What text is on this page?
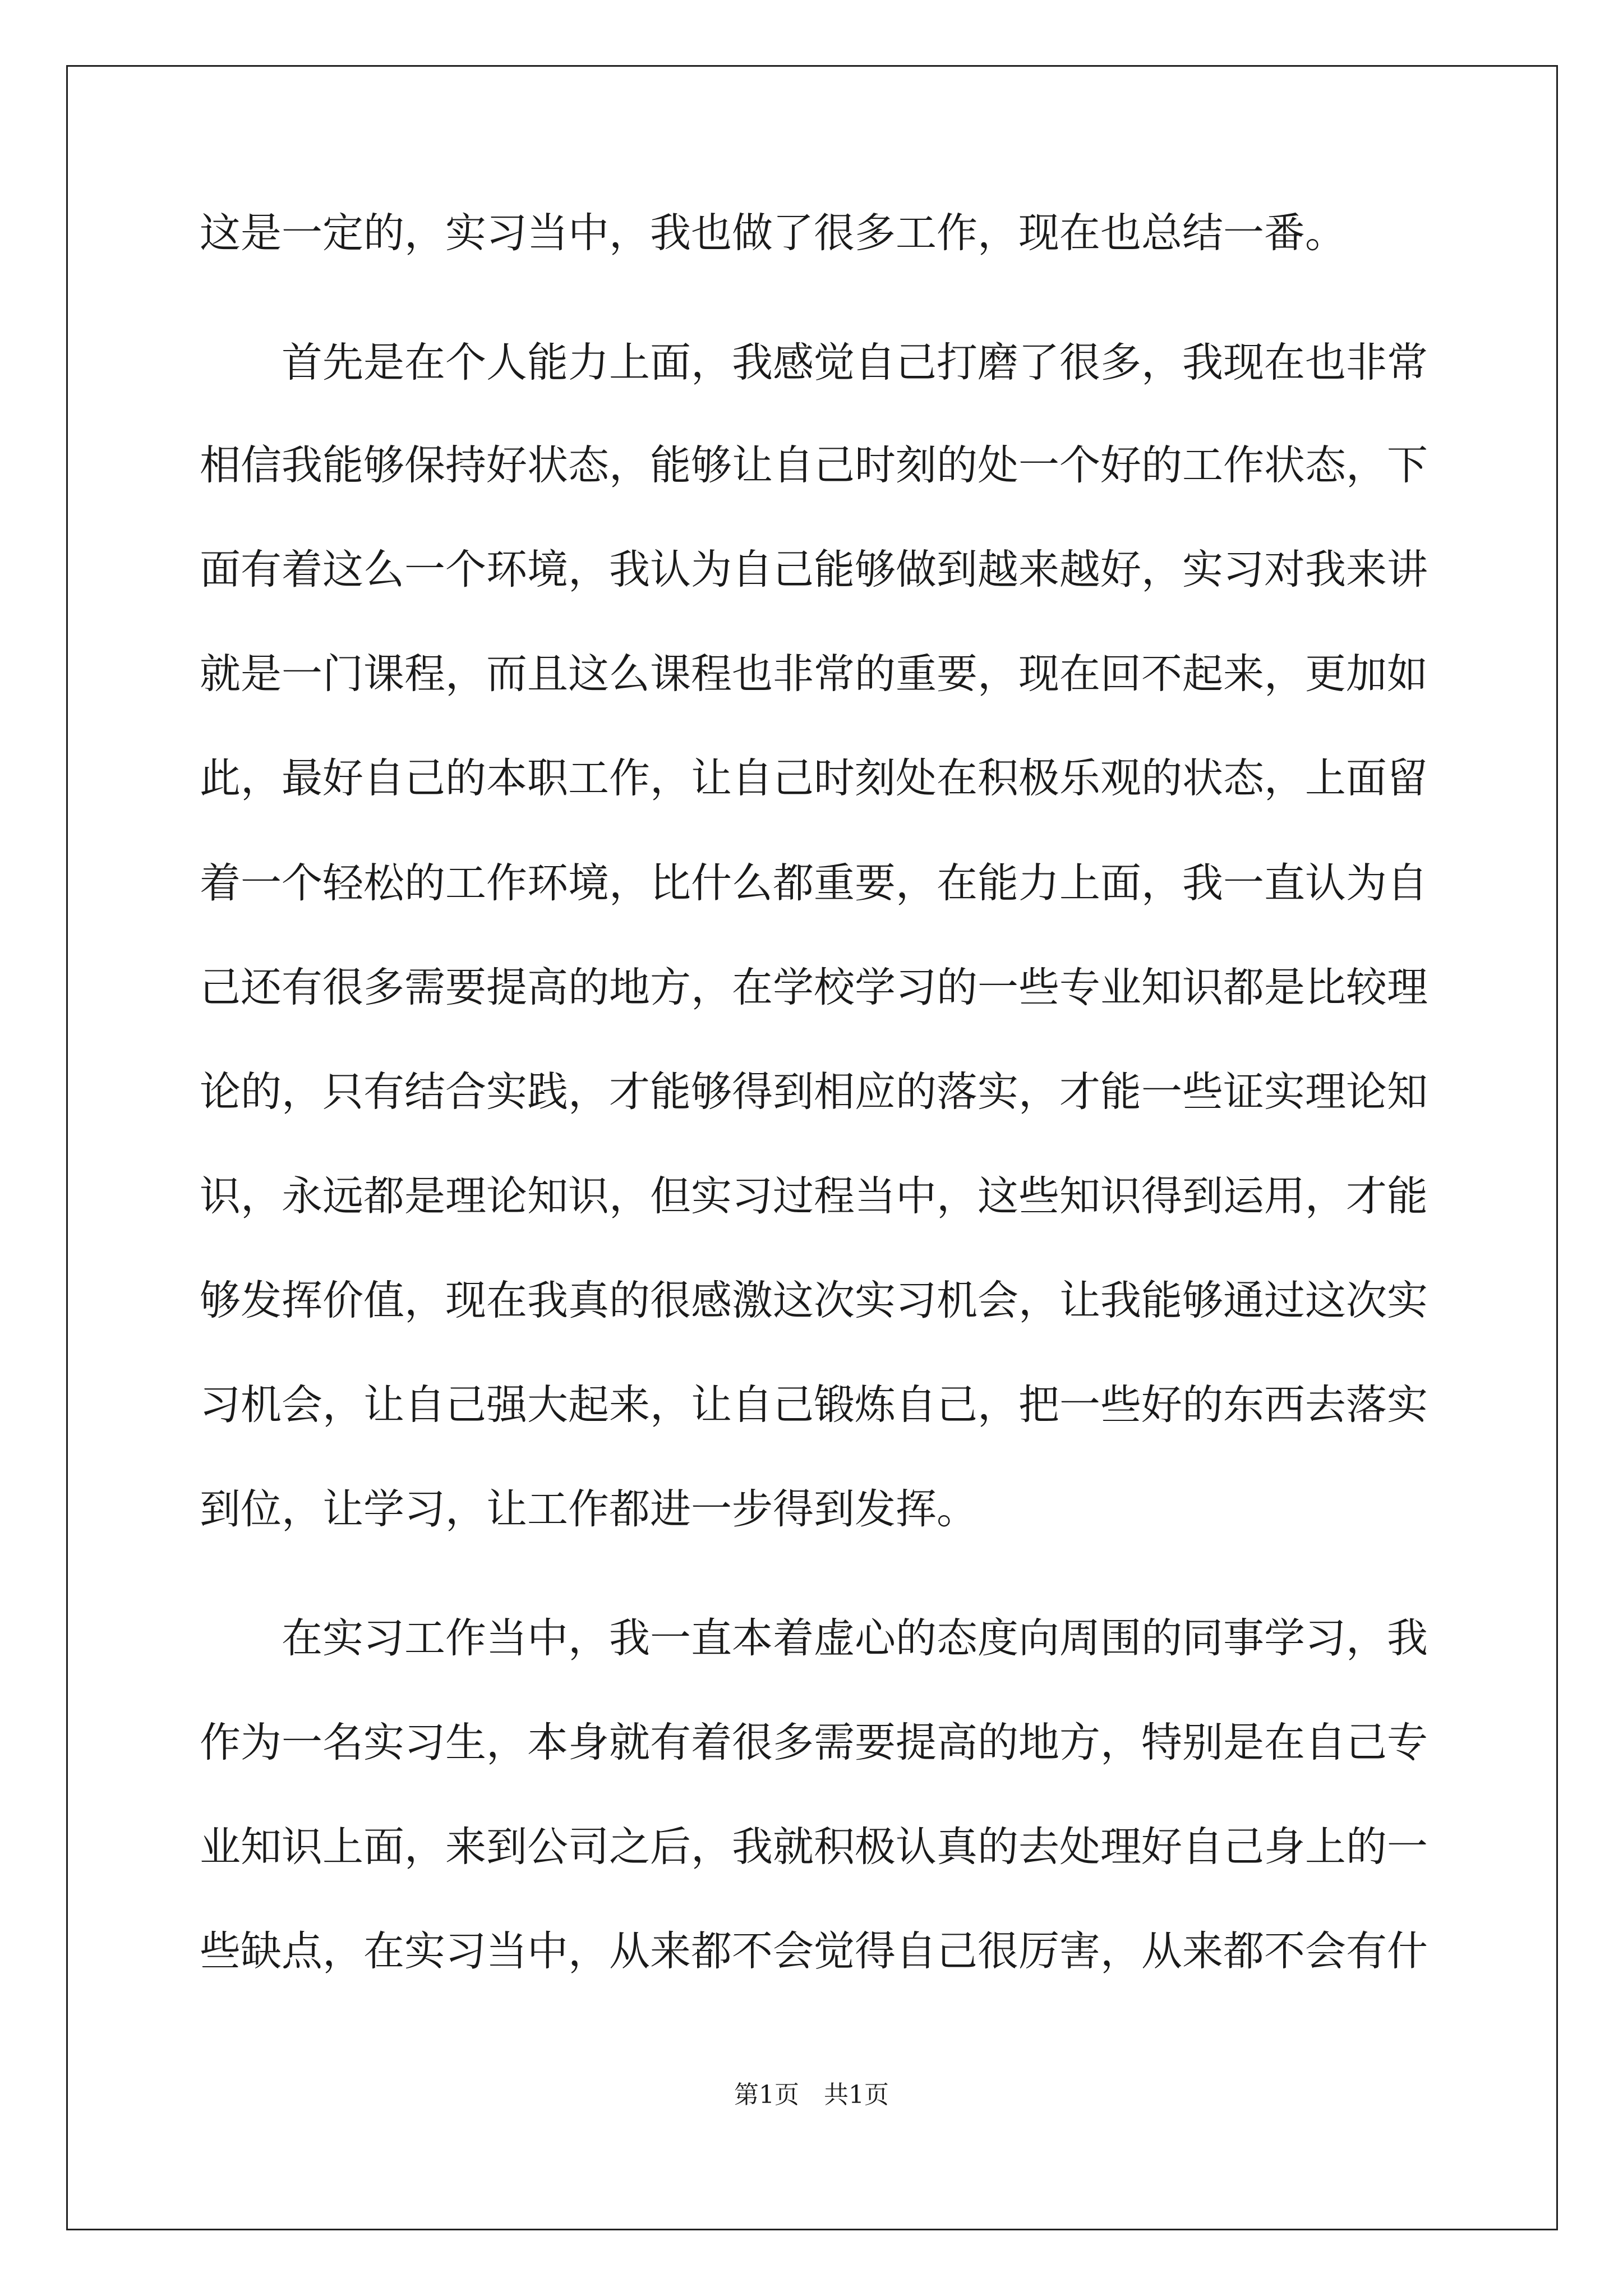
这是一定的，实习当中，我也做了很多工作，现在也总结一番。
　　首先是在个人能力上面，我感觉自己打磨了很多，我现在也非常
相信我能够保持好状态，能够让自己时刻的处一个好的工作状态，下
面有着这么一个环境，我认为自己能够做到越来越好，实习对我来讲
就是一门课程，而且这么课程也非常的重要，现在回不起来，更加如
此，最好自己的本职工作，让自己时刻处在积极乐观的状态，上面留
着一个轻松的工作环境，比什么都重要，在能力上面，我一直认为自
己还有很多需要提高的地方，在学校学习的一些专业知识都是比较理
论的，只有结合实践，才能够得到相应的落实，才能一些证实理论知
识，永远都是理论知识，但实习过程当中，这些知识得到运用，才能
够发挥价值，现在我真的很感激这次实习机会，让我能够通过这次实
习机会，让自己强大起来，让自己锻炼自己，把一些好的东西去落实
到位，让学习，让工作都进一步得到发挥。
　　在实习工作当中，我一直本着虚心的态度向周围的同事学习，我
作为一名实习生，本身就有着很多需要提高的地方，特别是在自己专
业知识上面，来到公司之后，我就积极认真的去处理好自己身上的一
些缺点，在实习当中，从来都不会觉得自己很厉害，从来都不会有什
第1页　共1页
